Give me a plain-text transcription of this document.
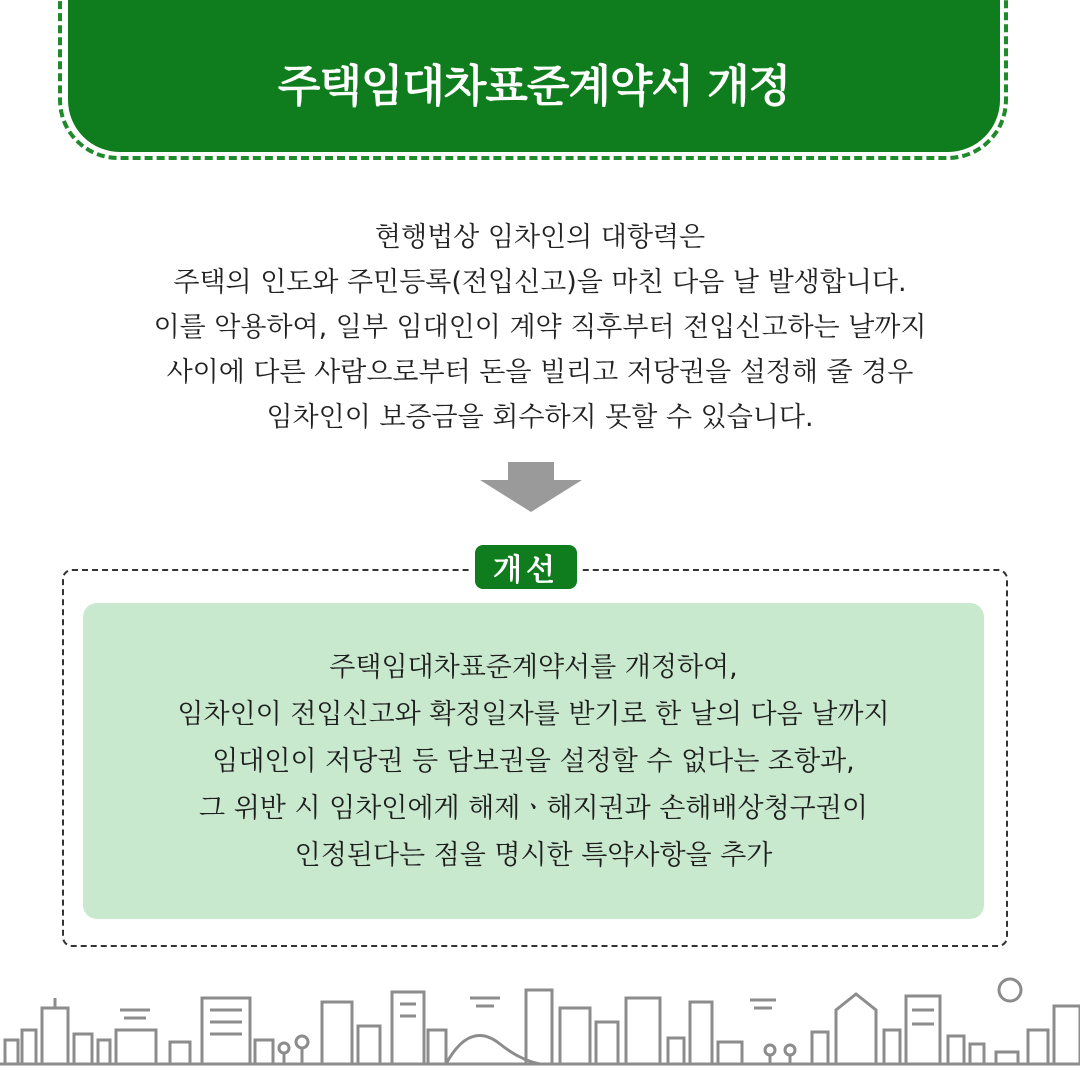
주택임대차표준계약서 개정
현행법상 임차인의 대항력은
주택의 인도와 주민등록(전입신고)을 마친 다음 날 발생합니다.
이를 악용하여, 일부 임대인이 계약 직후부터 전입신고하는 날까지
사이에 다른 사람으로부터 돈을 빌리고 저당권을 설정해 줄 경우
임차인이 보증금을 회수하지 못할 수 있습니다.
개선
주택임대차표준계약서를 개정하여,
임차인이 전입신고와 확정일자를 받기로 한 날의 다음 날까지
임대인이 저당권 등 담보권을 설정할 수 없다는 조항과,
그 위반 시 임차인에게 해제ㆍ해지권과 손해배상청구권이
인정된다는 점을 명시한 특약사항을 추가
